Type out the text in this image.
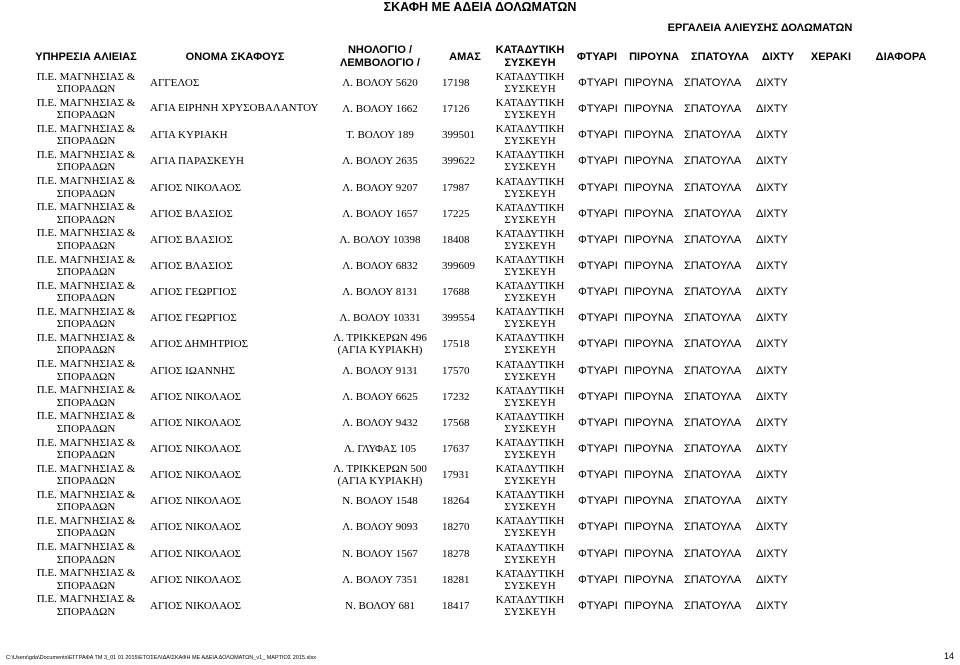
ΣΚΑΦΗ ΜΕ ΑΔΕΙΑ ΔΟΛΩΜΑΤΩΝ
ΕΡΓΑΛΕΙΑ ΑΛΙΕΥΣΗΣ ΔΟΛΩΜΑΤΩΝ
ΥΠΗΡΕΣΙΑ ΑΛΙΕΙΑΣ	ΟΝΟΜΑ ΣΚΑΦΟΥΣ	ΝΗΟΛΟΓΙΟ /
ΛΕΜΒΟΛΟΓΙΟ /	ΑΜΑΣ	ΚΑΤΑΔΥΤΙΚΗ
ΣΥΣΚΕΥΗ	ΦΤΥΑΡΙ	ΠΙΡΟΥΝΑ	ΣΠΑΤΟΥΛΑ	ΔΙΧΤΥ	ΧΕΡΑΚΙ	ΔΙΑΦΟΡΑ

Π.Ε. ΜΑΓΝΗΣΙΑΣ &
ΣΠΟΡΑΔΩΝ	ΑΓΓΕΛΟΣ	Λ. ΒΟΛΟΥ 5620	17198	ΚΑΤΑΔΥΤΙΚΗ
ΣΥΣΚΕΥΗ	ΦΤΥΑΡΙ	ΠΙΡΟΥΝΑ	ΣΠΑΤΟΥΛΑ	ΔΙΧΤΥ		

Π.Ε. ΜΑΓΝΗΣΙΑΣ &
ΣΠΟΡΑΔΩΝ	ΑΓΙΑ ΕΙΡΗΝΗ ΧΡΥΣΟΒΑΛΑΝΤΟΥ	Λ. ΒΟΛΟΥ 1662	17126	ΚΑΤΑΔΥΤΙΚΗ
ΣΥΣΚΕΥΗ	ΦΤΥΑΡΙ	ΠΙΡΟΥΝΑ	ΣΠΑΤΟΥΛΑ	ΔΙΧΤΥ		

Π.Ε. ΜΑΓΝΗΣΙΑΣ &
ΣΠΟΡΑΔΩΝ	ΑΓΙΑ ΚΥΡΙΑΚΗ	Τ. ΒΟΛΟΥ 189	399501	ΚΑΤΑΔΥΤΙΚΗ
ΣΥΣΚΕΥΗ	ΦΤΥΑΡΙ	ΠΙΡΟΥΝΑ	ΣΠΑΤΟΥΛΑ	ΔΙΧΤΥ		

Π.Ε. ΜΑΓΝΗΣΙΑΣ &
ΣΠΟΡΑΔΩΝ	ΑΓΙΑ ΠΑΡΑΣΚΕΥΗ	Λ. ΒΟΛΟΥ 2635	399622	ΚΑΤΑΔΥΤΙΚΗ
ΣΥΣΚΕΥΗ	ΦΤΥΑΡΙ	ΠΙΡΟΥΝΑ	ΣΠΑΤΟΥΛΑ	ΔΙΧΤΥ		

Π.Ε. ΜΑΓΝΗΣΙΑΣ &
ΣΠΟΡΑΔΩΝ	ΑΓΙΟΣ ΝΙΚΟΛΑΟΣ	Λ. ΒΟΛΟΥ 9207	17987	ΚΑΤΑΔΥΤΙΚΗ
ΣΥΣΚΕΥΗ	ΦΤΥΑΡΙ	ΠΙΡΟΥΝΑ	ΣΠΑΤΟΥΛΑ	ΔΙΧΤΥ		

Π.Ε. ΜΑΓΝΗΣΙΑΣ &
ΣΠΟΡΑΔΩΝ	ΑΓΙΟΣ ΒΛΑΣΙΟΣ	Λ. ΒΟΛΟΥ 1657	17225	ΚΑΤΑΔΥΤΙΚΗ
ΣΥΣΚΕΥΗ	ΦΤΥΑΡΙ	ΠΙΡΟΥΝΑ	ΣΠΑΤΟΥΛΑ	ΔΙΧΤΥ		

Π.Ε. ΜΑΓΝΗΣΙΑΣ &
ΣΠΟΡΑΔΩΝ	ΑΓΙΟΣ ΒΛΑΣΙΟΣ	Λ. ΒΟΛΟΥ 10398	18408	ΚΑΤΑΔΥΤΙΚΗ
ΣΥΣΚΕΥΗ	ΦΤΥΑΡΙ	ΠΙΡΟΥΝΑ	ΣΠΑΤΟΥΛΑ	ΔΙΧΤΥ		

Π.Ε. ΜΑΓΝΗΣΙΑΣ &
ΣΠΟΡΑΔΩΝ	ΑΓΙΟΣ ΒΛΑΣΙΟΣ	Λ. ΒΟΛΟΥ 6832	399609	ΚΑΤΑΔΥΤΙΚΗ
ΣΥΣΚΕΥΗ	ΦΤΥΑΡΙ	ΠΙΡΟΥΝΑ	ΣΠΑΤΟΥΛΑ	ΔΙΧΤΥ		

Π.Ε. ΜΑΓΝΗΣΙΑΣ &
ΣΠΟΡΑΔΩΝ	ΑΓΙΟΣ ΓΕΩΡΓΙΟΣ	Λ. ΒΟΛΟΥ 8131	17688	ΚΑΤΑΔΥΤΙΚΗ
ΣΥΣΚΕΥΗ	ΦΤΥΑΡΙ	ΠΙΡΟΥΝΑ	ΣΠΑΤΟΥΛΑ	ΔΙΧΤΥ		

Π.Ε. ΜΑΓΝΗΣΙΑΣ &
ΣΠΟΡΑΔΩΝ	ΑΓΙΟΣ ΓΕΩΡΓΙΟΣ	Λ. ΒΟΛΟΥ 10331	399554	ΚΑΤΑΔΥΤΙΚΗ
ΣΥΣΚΕΥΗ	ΦΤΥΑΡΙ	ΠΙΡΟΥΝΑ	ΣΠΑΤΟΥΛΑ	ΔΙΧΤΥ		

Π.Ε. ΜΑΓΝΗΣΙΑΣ &
ΣΠΟΡΑΔΩΝ	ΑΓΙΟΣ ΔΗΜΗΤΡΙΟΣ	Λ. ΤΡΙΚΚΕΡΩΝ 496
(ΑΓΙΑ ΚΥΡΙΑΚΗ)	17518	ΚΑΤΑΔΥΤΙΚΗ
ΣΥΣΚΕΥΗ	ΦΤΥΑΡΙ	ΠΙΡΟΥΝΑ	ΣΠΑΤΟΥΛΑ	ΔΙΧΤΥ		

Π.Ε. ΜΑΓΝΗΣΙΑΣ &
ΣΠΟΡΑΔΩΝ	ΑΓΙΟΣ ΙΩΑΝΝΗΣ	Λ. ΒΟΛΟΥ 9131	17570	ΚΑΤΑΔΥΤΙΚΗ
ΣΥΣΚΕΥΗ	ΦΤΥΑΡΙ	ΠΙΡΟΥΝΑ	ΣΠΑΤΟΥΛΑ	ΔΙΧΤΥ		

Π.Ε. ΜΑΓΝΗΣΙΑΣ &
ΣΠΟΡΑΔΩΝ	ΑΓΙΟΣ ΝΙΚΟΛΑΟΣ	Λ. ΒΟΛΟΥ 6625	17232	ΚΑΤΑΔΥΤΙΚΗ
ΣΥΣΚΕΥΗ	ΦΤΥΑΡΙ	ΠΙΡΟΥΝΑ	ΣΠΑΤΟΥΛΑ	ΔΙΧΤΥ		

Π.Ε. ΜΑΓΝΗΣΙΑΣ &
ΣΠΟΡΑΔΩΝ	ΑΓΙΟΣ ΝΙΚΟΛΑΟΣ	Λ. ΒΟΛΟΥ 9432	17568	ΚΑΤΑΔΥΤΙΚΗ
ΣΥΣΚΕΥΗ	ΦΤΥΑΡΙ	ΠΙΡΟΥΝΑ	ΣΠΑΤΟΥΛΑ	ΔΙΧΤΥ		

Π.Ε. ΜΑΓΝΗΣΙΑΣ &
ΣΠΟΡΑΔΩΝ	ΑΓΙΟΣ ΝΙΚΟΛΑΟΣ	Λ. ΓΛΥΦΑΣ 105	17637	ΚΑΤΑΔΥΤΙΚΗ
ΣΥΣΚΕΥΗ	ΦΤΥΑΡΙ	ΠΙΡΟΥΝΑ	ΣΠΑΤΟΥΛΑ	ΔΙΧΤΥ		

Π.Ε. ΜΑΓΝΗΣΙΑΣ &
ΣΠΟΡΑΔΩΝ	ΑΓΙΟΣ ΝΙΚΟΛΑΟΣ	Λ. ΤΡΙΚΚΕΡΩΝ 500
(ΑΓΙΑ ΚΥΡΙΑΚΗ)	17931	ΚΑΤΑΔΥΤΙΚΗ
ΣΥΣΚΕΥΗ	ΦΤΥΑΡΙ	ΠΙΡΟΥΝΑ	ΣΠΑΤΟΥΛΑ	ΔΙΧΤΥ		

Π.Ε. ΜΑΓΝΗΣΙΑΣ &
ΣΠΟΡΑΔΩΝ	ΑΓΙΟΣ ΝΙΚΟΛΑΟΣ	Ν. ΒΟΛΟΥ 1548	18264	ΚΑΤΑΔΥΤΙΚΗ
ΣΥΣΚΕΥΗ	ΦΤΥΑΡΙ	ΠΙΡΟΥΝΑ	ΣΠΑΤΟΥΛΑ	ΔΙΧΤΥ		

Π.Ε. ΜΑΓΝΗΣΙΑΣ &
ΣΠΟΡΑΔΩΝ	ΑΓΙΟΣ ΝΙΚΟΛΑΟΣ	Λ. ΒΟΛΟΥ 9093	18270	ΚΑΤΑΔΥΤΙΚΗ
ΣΥΣΚΕΥΗ	ΦΤΥΑΡΙ	ΠΙΡΟΥΝΑ	ΣΠΑΤΟΥΛΑ	ΔΙΧΤΥ		

Π.Ε. ΜΑΓΝΗΣΙΑΣ &
ΣΠΟΡΑΔΩΝ	ΑΓΙΟΣ ΝΙΚΟΛΑΟΣ	Ν. ΒΟΛΟΥ 1567	18278	ΚΑΤΑΔΥΤΙΚΗ
ΣΥΣΚΕΥΗ	ΦΤΥΑΡΙ	ΠΙΡΟΥΝΑ	ΣΠΑΤΟΥΛΑ	ΔΙΧΤΥ		

Π.Ε. ΜΑΓΝΗΣΙΑΣ &
ΣΠΟΡΑΔΩΝ	ΑΓΙΟΣ ΝΙΚΟΛΑΟΣ	Λ. ΒΟΛΟΥ 7351	18281	ΚΑΤΑΔΥΤΙΚΗ
ΣΥΣΚΕΥΗ	ΦΤΥΑΡΙ	ΠΙΡΟΥΝΑ	ΣΠΑΤΟΥΛΑ	ΔΙΧΤΥ		

Π.Ε. ΜΑΓΝΗΣΙΑΣ &
ΣΠΟΡΑΔΩΝ	ΑΓΙΟΣ ΝΙΚΟΛΑΟΣ	Ν. ΒΟΛΟΥ 681	18417	ΚΑΤΑΔΥΤΙΚΗ
ΣΥΣΚΕΥΗ	ΦΤΥΑΡΙ	ΠΙΡΟΥΝΑ	ΣΠΑΤΟΥΛΑ	ΔΙΧΤΥ		
C:\Users\gda\Documents\ΕΓΓΡΑΦΑ ΤΜ 3_01 01 2015\ΕΤΟΣΕΛΙΔΑ\ΣΚΑΦΗ ΜΕ ΑΔΕΙΑ ΔΟΛΩΜΑΤΩΝ_ν1_ ΜΑΡΤΙΟΣ 2015.xlsx	14
